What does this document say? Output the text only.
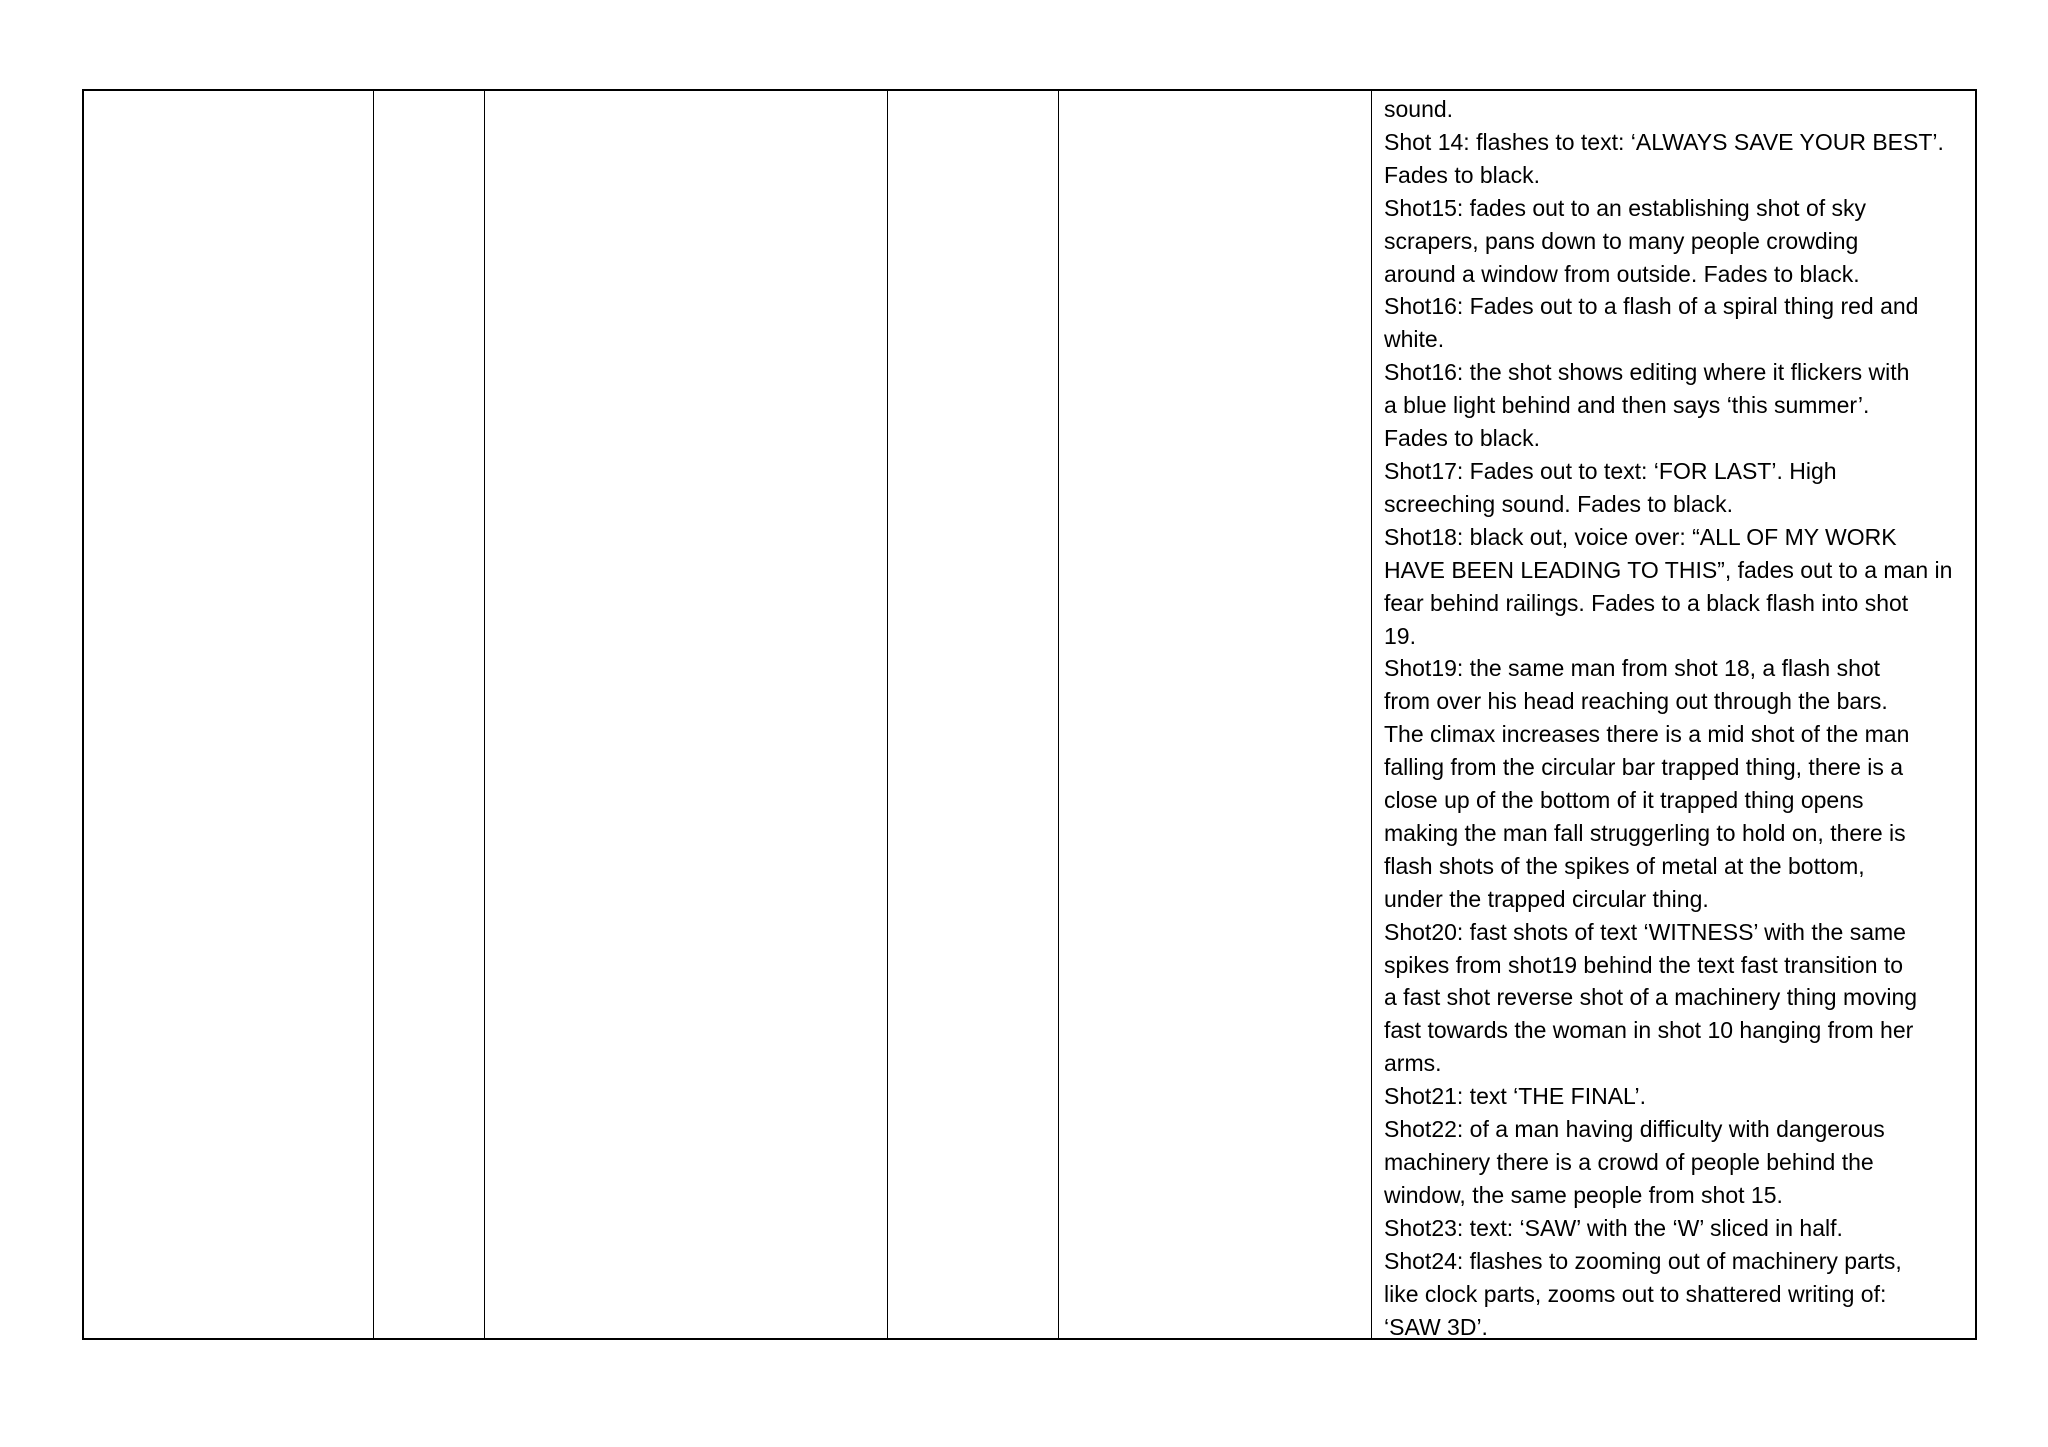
sound.
Shot 14: flashes to text: ‘ALWAYS SAVE YOUR BEST’.
Fades to black.
Shot15: fades out to an establishing shot of sky
scrapers, pans down to many people crowding
around a window from outside. Fades to black.
Shot16: Fades out to a flash of a spiral thing red and
white.
Shot16: the shot shows editing where it flickers with
a blue light behind and then says ‘this summer’.
Fades to black.
Shot17: Fades out to text: ‘FOR LAST’. High
screeching sound. Fades to black.
Shot18: black out, voice over: “ALL OF MY WORK
HAVE BEEN LEADING TO THIS”, fades out to a man in
fear behind railings. Fades to a black flash into shot
19.
Shot19: the same man from shot 18, a flash shot
from over his head reaching out through the bars.
The climax increases there is a mid shot of the man
falling from the circular bar trapped thing, there is a
close up of the bottom of it trapped thing opens
making the man fall struggerling to hold on, there is
flash shots of the spikes of metal at the bottom,
under the trapped circular thing.
Shot20: fast shots of text ‘WITNESS’ with the same
spikes from shot19 behind the text fast transition to
a fast shot reverse shot of a machinery thing moving
fast towards the woman in shot 10 hanging from her
arms.
Shot21: text ‘THE FINAL’.
Shot22: of a man having difficulty with dangerous
machinery there is a crowd of people behind the
window, the same people from shot 15.
Shot23: text: ‘SAW’ with the ‘W’ sliced in half.
Shot24: flashes to zooming out of machinery parts,
like clock parts, zooms out to shattered writing of:
‘SAW 3D’.
